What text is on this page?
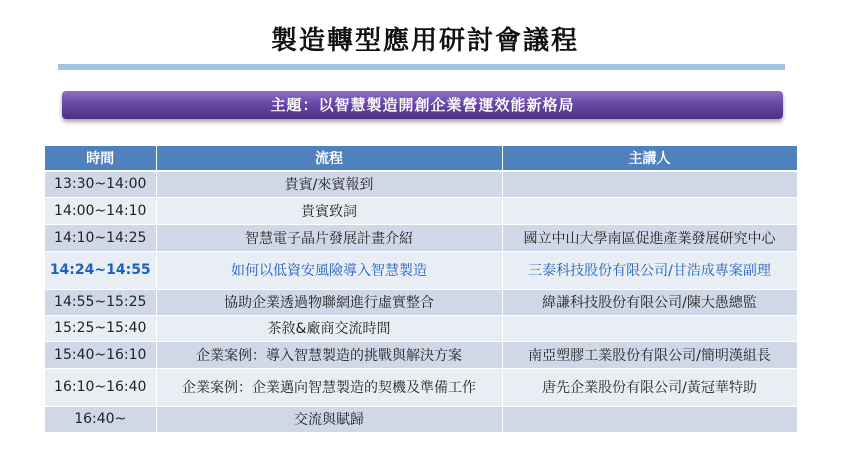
製造轉型應用研討會議程
主題：以智慧製造開創企業營運效能新格局
時間	流程	主講人
13:30~14:00	貴賓/來賓報到	
14:00~14:10	貴賓致詞	
14:10~14:25	智慧電子晶片發展計畫介紹	國立中山大學南區促進產業發展研究中心
14:24~14:55	如何以低資安風險導入智慧製造	三泰科技股份有限公司/甘浩成專案副理
14:55~15:25	協助企業透過物聯網進行虛實整合	緯謙科技股份有限公司/陳大愚總監
15:25~15:40	茶敘&廠商交流時間	
15:40~16:10	企業案例：導入智慧製造的挑戰與解決方案	南亞塑膠工業股份有限公司/簡明漢組長
16:10~16:40	企業案例：企業邁向智慧製造的契機及準備工作	唐先企業股份有限公司/黃冠華特助
16:40~	交流與賦歸	
